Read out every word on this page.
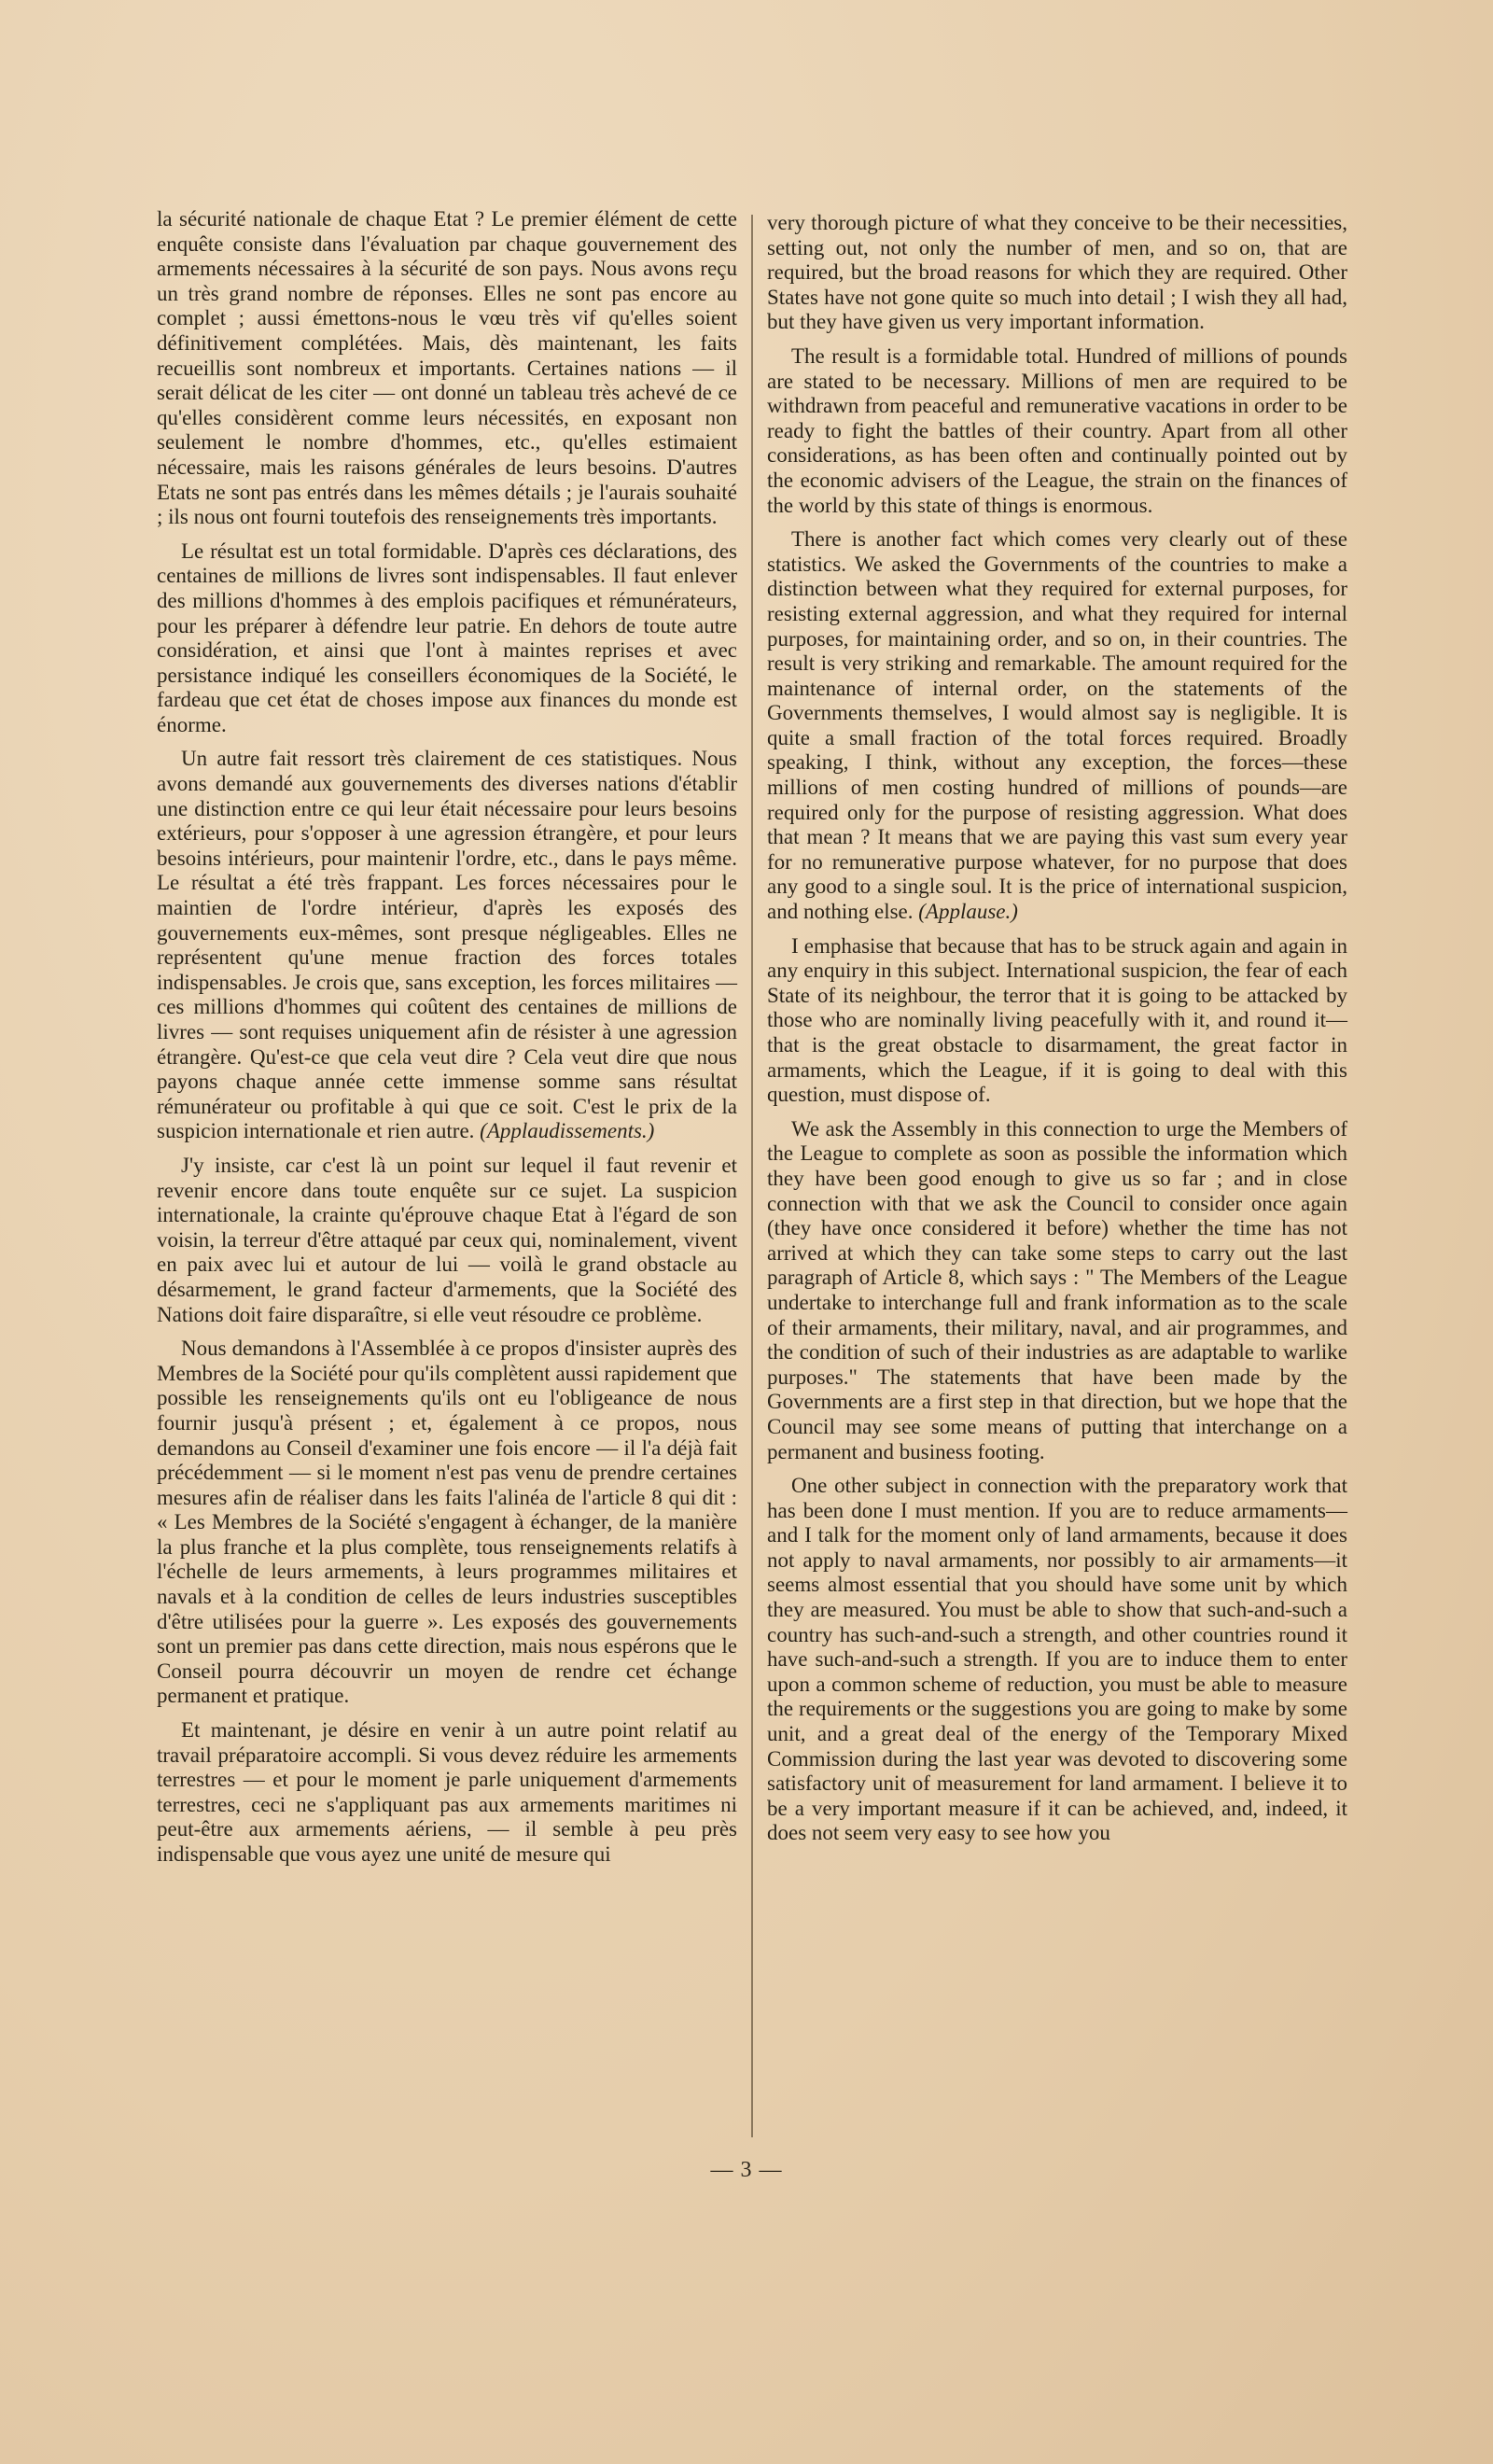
la sécurité nationale de chaque Etat ? Le premier élément de cette enquête consiste dans l'évaluation par chaque gouvernement des armements nécessaires à la sécurité de son pays. Nous avons reçu un très grand nombre de réponses. Elles ne sont pas encore au complet ; aussi émettons-nous le vœu très vif qu'elles soient définitivement complétées. Mais, dès maintenant, les faits recueillis sont nombreux et importants. Certaines nations — il serait délicat de les citer — ont donné un tableau très achevé de ce qu'elles considèrent comme leurs nécessités, en exposant non seulement le nombre d'hommes, etc., qu'elles estimaient nécessaire, mais les raisons générales de leurs besoins. D'autres Etats ne sont pas entrés dans les mêmes détails ; je l'aurais souhaité ; ils nous ont fourni toutefois des renseignements très importants.

Le résultat est un total formidable. D'après ces déclarations, des centaines de millions de livres sont indispensables. Il faut enlever des millions d'hommes à des emplois pacifiques et rémunérateurs, pour les préparer à défendre leur patrie. En dehors de toute autre considération, et ainsi que l'ont à maintes reprises et avec persistance indiqué les conseillers économiques de la Société, le fardeau que cet état de choses impose aux finances du monde est énorme.

Un autre fait ressort très clairement de ces statistiques. Nous avons demandé aux gouvernements des diverses nations d'établir une distinction entre ce qui leur était nécessaire pour leurs besoins extérieurs, pour s'opposer à une agression étrangère, et pour leurs besoins intérieurs, pour maintenir l'ordre, etc., dans le pays même. Le résultat a été très frappant. Les forces nécessaires pour le maintien de l'ordre intérieur, d'après les exposés des gouvernements eux-mêmes, sont presque négligeables. Elles ne représentent qu'une menue fraction des forces totales indispensables. Je crois que, sans exception, les forces militaires — ces millions d'hommes qui coûtent des centaines de millions de livres — sont requises uniquement afin de résister à une agression étrangère. Qu'est-ce que cela veut dire ? Cela veut dire que nous payons chaque année cette immense somme sans résultat rémunérateur ou profitable à qui que ce soit. C'est le prix de la suspicion internationale et rien autre. (Applaudissements.)

J'y insiste, car c'est là un point sur lequel il faut revenir et revenir encore dans toute enquête sur ce sujet. La suspicion internationale, la crainte qu'éprouve chaque Etat à l'égard de son voisin, la terreur d'être attaqué par ceux qui, nominalement, vivent en paix avec lui et autour de lui — voilà le grand obstacle au désarmement, le grand facteur d'armements, que la Société des Nations doit faire disparaître, si elle veut résoudre ce problème.

Nous demandons à l'Assemblée à ce propos d'insister auprès des Membres de la Société pour qu'ils complètent aussi rapidement que possible les renseignements qu'ils ont eu l'obligeance de nous fournir jusqu'à présent ; et, également à ce propos, nous demandons au Conseil d'examiner une fois encore — il l'a déjà fait précédemment — si le moment n'est pas venu de prendre certaines mesures afin de réaliser dans les faits l'alinéa de l'article 8 qui dit : « Les Membres de la Société s'engagent à échanger, de la manière la plus franche et la plus complète, tous renseignements relatifs à l'échelle de leurs armements, à leurs programmes militaires et navals et à la condition de celles de leurs industries susceptibles d'être utilisées pour la guerre ». Les exposés des gouvernements sont un premier pas dans cette direction, mais nous espérons que le Conseil pourra découvrir un moyen de rendre cet échange permanent et pratique.

Et maintenant, je désire en venir à un autre point relatif au travail préparatoire accompli. Si vous devez réduire les armements terrestres — et pour le moment je parle uniquement d'armements terrestres, ceci ne s'appliquant pas aux armements maritimes ni peut-être aux armements aériens, — il semble à peu près indispensable que vous ayez une unité de mesure qui

very thorough picture of what they conceive to be their necessities, setting out, not only the number of men, and so on, that are required, but the broad reasons for which they are required. Other States have not gone quite so much into detail ; I wish they all had, but they have given us very important information.

The result is a formidable total. Hundred of millions of pounds are stated to be necessary. Millions of men are required to be withdrawn from peaceful and remunerative vacations in order to be ready to fight the battles of their country. Apart from all other considerations, as has been often and continually pointed out by the economic advisers of the League, the strain on the finances of the world by this state of things is enormous.

There is another fact which comes very clearly out of these statistics. We asked the Governments of the countries to make a distinction between what they required for external purposes, for resisting external aggression, and what they required for internal purposes, for maintaining order, and so on, in their countries. The result is very striking and remarkable. The amount required for the maintenance of internal order, on the statements of the Governments themselves, I would almost say is negligible. It is quite a small fraction of the total forces required. Broadly speaking, I think, without any exception, the forces—these millions of men costing hundred of millions of pounds—are required only for the purpose of resisting aggression. What does that mean ? It means that we are paying this vast sum every year for no remunerative purpose whatever, for no purpose that does any good to a single soul. It is the price of international suspicion, and nothing else. (Applause.)

I emphasise that because that has to be struck again and again in any enquiry in this subject. International suspicion, the fear of each State of its neighbour, the terror that it is going to be attacked by those who are nominally living peacefully with it, and round it—that is the great obstacle to disarmament, the great factor in armaments, which the League, if it is going to deal with this question, must dispose of.

We ask the Assembly in this connection to urge the Members of the League to complete as soon as possible the information which they have been good enough to give us so far ; and in close connection with that we ask the Council to consider once again (they have once considered it before) whether the time has not arrived at which they can take some steps to carry out the last paragraph of Article 8, which says : " The Members of the League undertake to interchange full and frank information as to the scale of their armaments, their military, naval, and air programmes, and the condition of such of their industries as are adaptable to warlike purposes." The statements that have been made by the Governments are a first step in that direction, but we hope that the Council may see some means of putting that interchange on a permanent and business footing.

One other subject in connection with the preparatory work that has been done I must mention. If you are to reduce armaments—and I talk for the moment only of land armaments, because it does not apply to naval armaments, nor possibly to air armaments—it seems almost essential that you should have some unit by which they are measured. You must be able to show that such-and-such a country has such-and-such a strength, and other countries round it have such-and-such a strength. If you are to induce them to enter upon a common scheme of reduction, you must be able to measure the requirements or the suggestions you are going to make by some unit, and a great deal of the energy of the Temporary Mixed Commission during the last year was devoted to discovering some satisfactory unit of measurement for land armament. I believe it to be a very important measure if it can be achieved, and, indeed, it does not seem very easy to see how you

— 3 —
